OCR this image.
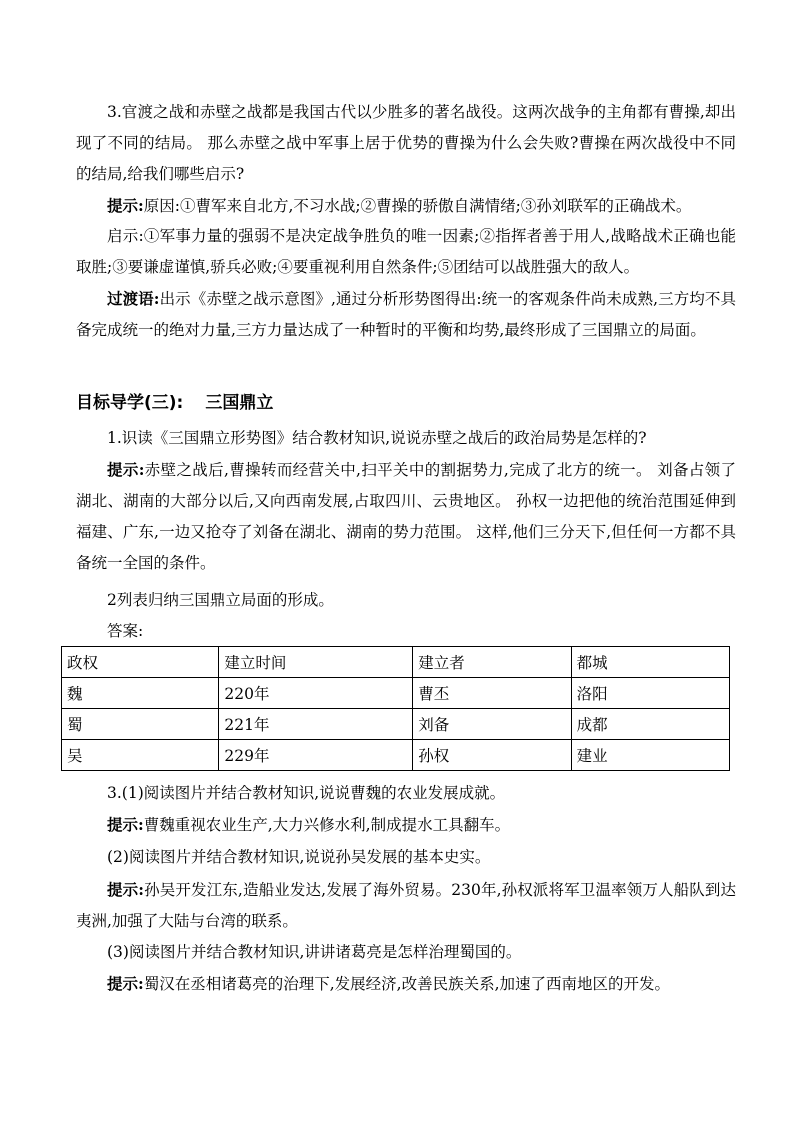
3.官渡之战和赤壁之战都是我国古代以少胜多的著名战役。这两次战争的主角都有曹操,却出现了不同的结局。 那么赤壁之战中军事上居于优势的曹操为什么会失败?曹操在两次战役中不同的结局,给我们哪些启示?

提示:原因:①曹军来自北方,不习水战;②曹操的骄傲自满情绪;③孙刘联军的正确战术。

启示:①军事力量的强弱不是决定战争胜负的唯一因素;②指挥者善于用人,战略战术正确也能取胜;③要谦虚谨慎,骄兵必败;④要重视利用自然条件;⑤团结可以战胜强大的敌人。

过渡语:出示《赤壁之战示意图》,通过分析形势图得出:统一的客观条件尚未成熟,三方均不具备完成统一的绝对力量,三方力量达成了一种暂时的平衡和均势,最终形成了三国鼎立的局面。

目标导学(三): 三国鼎立

1.识读《三国鼎立形势图》结合教材知识,说说赤壁之战后的政治局势是怎样的?

提示:赤壁之战后,曹操转而经营关中,扫平关中的割据势力,完成了北方的统一。 刘备占领了湖北、湖南的大部分以后,又向西南发展,占取四川、云贵地区。 孙权一边把他的统治范围延伸到福建、广东,一边又抢夺了刘备在湖北、湖南的势力范围。 这样,他们三分天下,但任何一方都不具备统一全国的条件。

2列表归纳三国鼎立局面的形成。

答案:

政权	建立时间	建立者	都城
魏	220年	曹丕	洛阳
蜀	221年	刘备	成都
吴	229年	孙权	建业

3.(1)阅读图片并结合教材知识,说说曹魏的农业发展成就。

提示:曹魏重视农业生产,大力兴修水利,制成提水工具翻车。

(2)阅读图片并结合教材知识,说说孙吴发展的基本史实。

提示:孙吴开发江东,造船业发达,发展了海外贸易。230年,孙权派将军卫温率领万人船队到达夷洲,加强了大陆与台湾的联系。

(3)阅读图片并结合教材知识,讲讲诸葛亮是怎样治理蜀国的。

提示:蜀汉在丞相诸葛亮的治理下,发展经济,改善民族关系,加速了西南地区的开发。
